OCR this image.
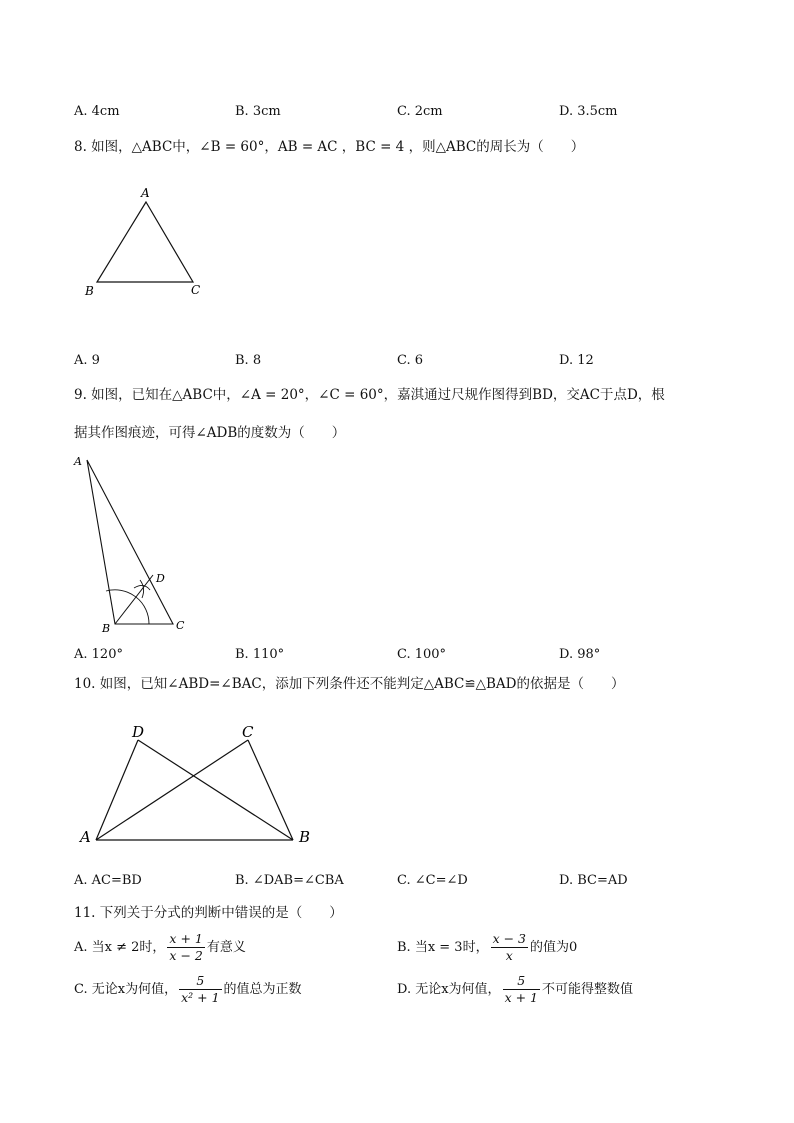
A. 4cm	B. 3cm	C. 2cm	D. 3.5cm
8. 如图，△ABC中，∠B = 60°，AB = AC ，BC = 4 ，则△ABC的周长为（　　）
A
B	C
A. 9	B. 8	C. 6	D. 12
9. 如图，已知在△ABC中，∠A = 20°，∠C = 60°，嘉淇通过尺规作图得到BD，交AC于点D，根
据其作图痕迹，可得∠ADB的度数为（　　）
A
B	C
D
A. 120°	B. 110°	C. 100°	D. 98°
10. 如图，已知∠ABD=∠BAC，添加下列条件还不能判定△ABC≌△BAD的依据是（　　）
A	B
D	C
A. AC=BD	B. ∠DAB=∠CBA	C. ∠C=∠D	D. BC=AD
11. 下列关于分式的判断中错误的是（　　）
A. 当x ≠ 2时， $\frac{x + 1}{x - 2}$ 有意义	B. 当x = 3时， $\frac{x - 3}{x}$ 的值为0
C. 无论x为何值， $\frac{5}{\text{x² + 1}}$ 的值总为正数	D. 无论x为何值， $\frac{5}{x + 1}$ 不可能得整数值
